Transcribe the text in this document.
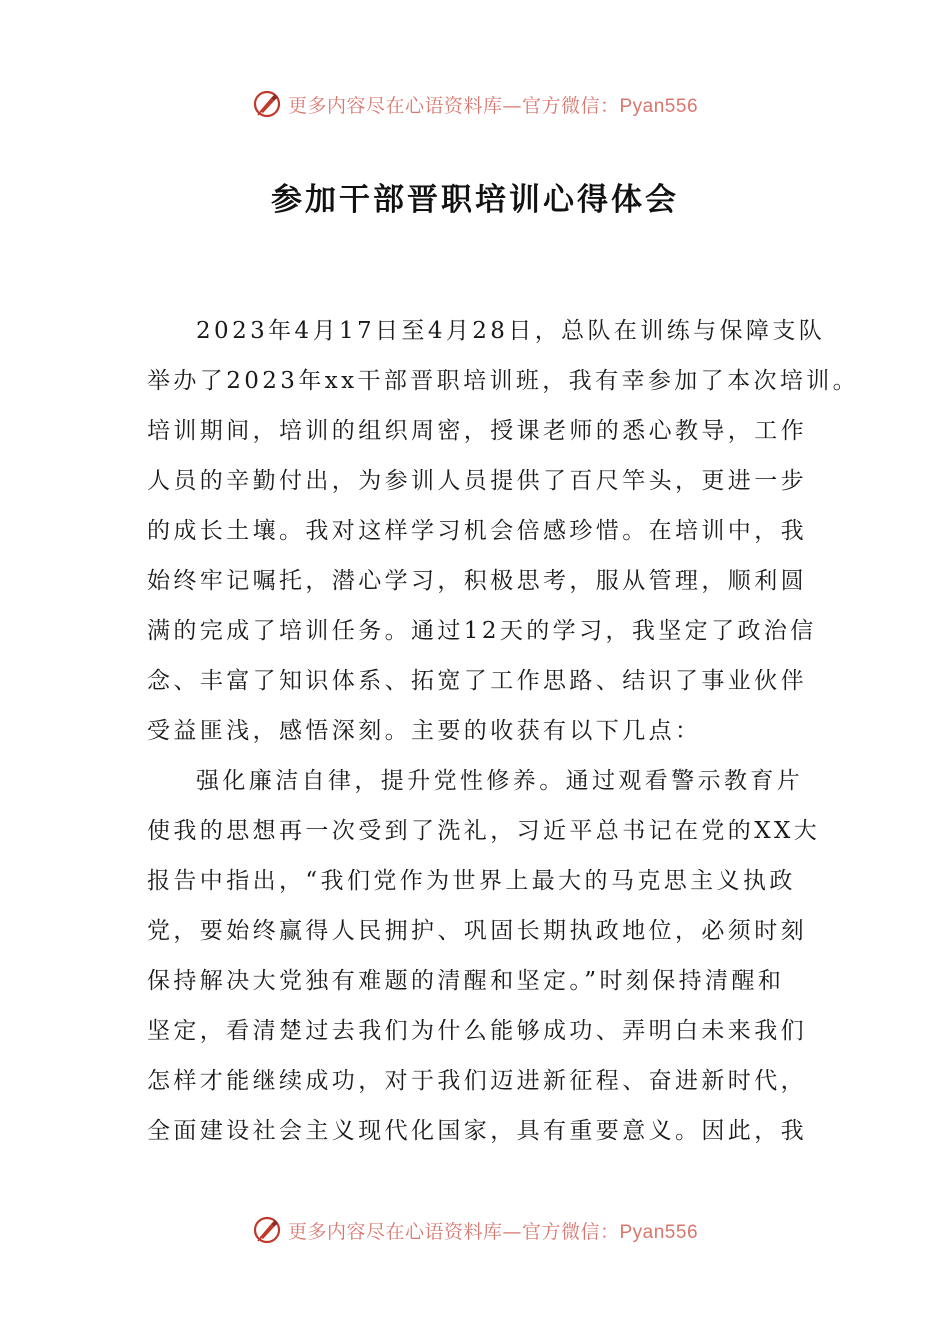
更多内容尽在心语资料库—官方微信：Pyan556
参加干部晋职培训心得体会
2023年4月17日至4月28日，总队在训练与保障支队
举办了2023年xx干部晋职培训班，我有幸参加了本次培训。
培训期间，培训的组织周密，授课老师的悉心教导，工作
人员的辛勤付出，为参训人员提供了百尺竿头，更进一步
的成长土壤。我对这样学习机会倍感珍惜。在培训中，我
始终牢记嘱托，潜心学习，积极思考，服从管理，顺利圆
满的完成了培训任务。通过12天的学习，我坚定了政治信
念、丰富了知识体系、拓宽了工作思路、结识了事业伙伴
受益匪浅，感悟深刻。主要的收获有以下几点：
强化廉洁自律，提升党性修养。通过观看警示教育片
使我的思想再一次受到了洗礼，习近平总书记在党的XX大
报告中指出，“我们党作为世界上最大的马克思主义执政
党，要始终赢得人民拥护、巩固长期执政地位，必须时刻
保持解决大党独有难题的清醒和坚定。”时刻保持清醒和
坚定，看清楚过去我们为什么能够成功、弄明白未来我们
怎样才能继续成功，对于我们迈进新征程、奋进新时代，
全面建设社会主义现代化国家，具有重要意义。因此，我
更多内容尽在心语资料库—官方微信：Pyan556
